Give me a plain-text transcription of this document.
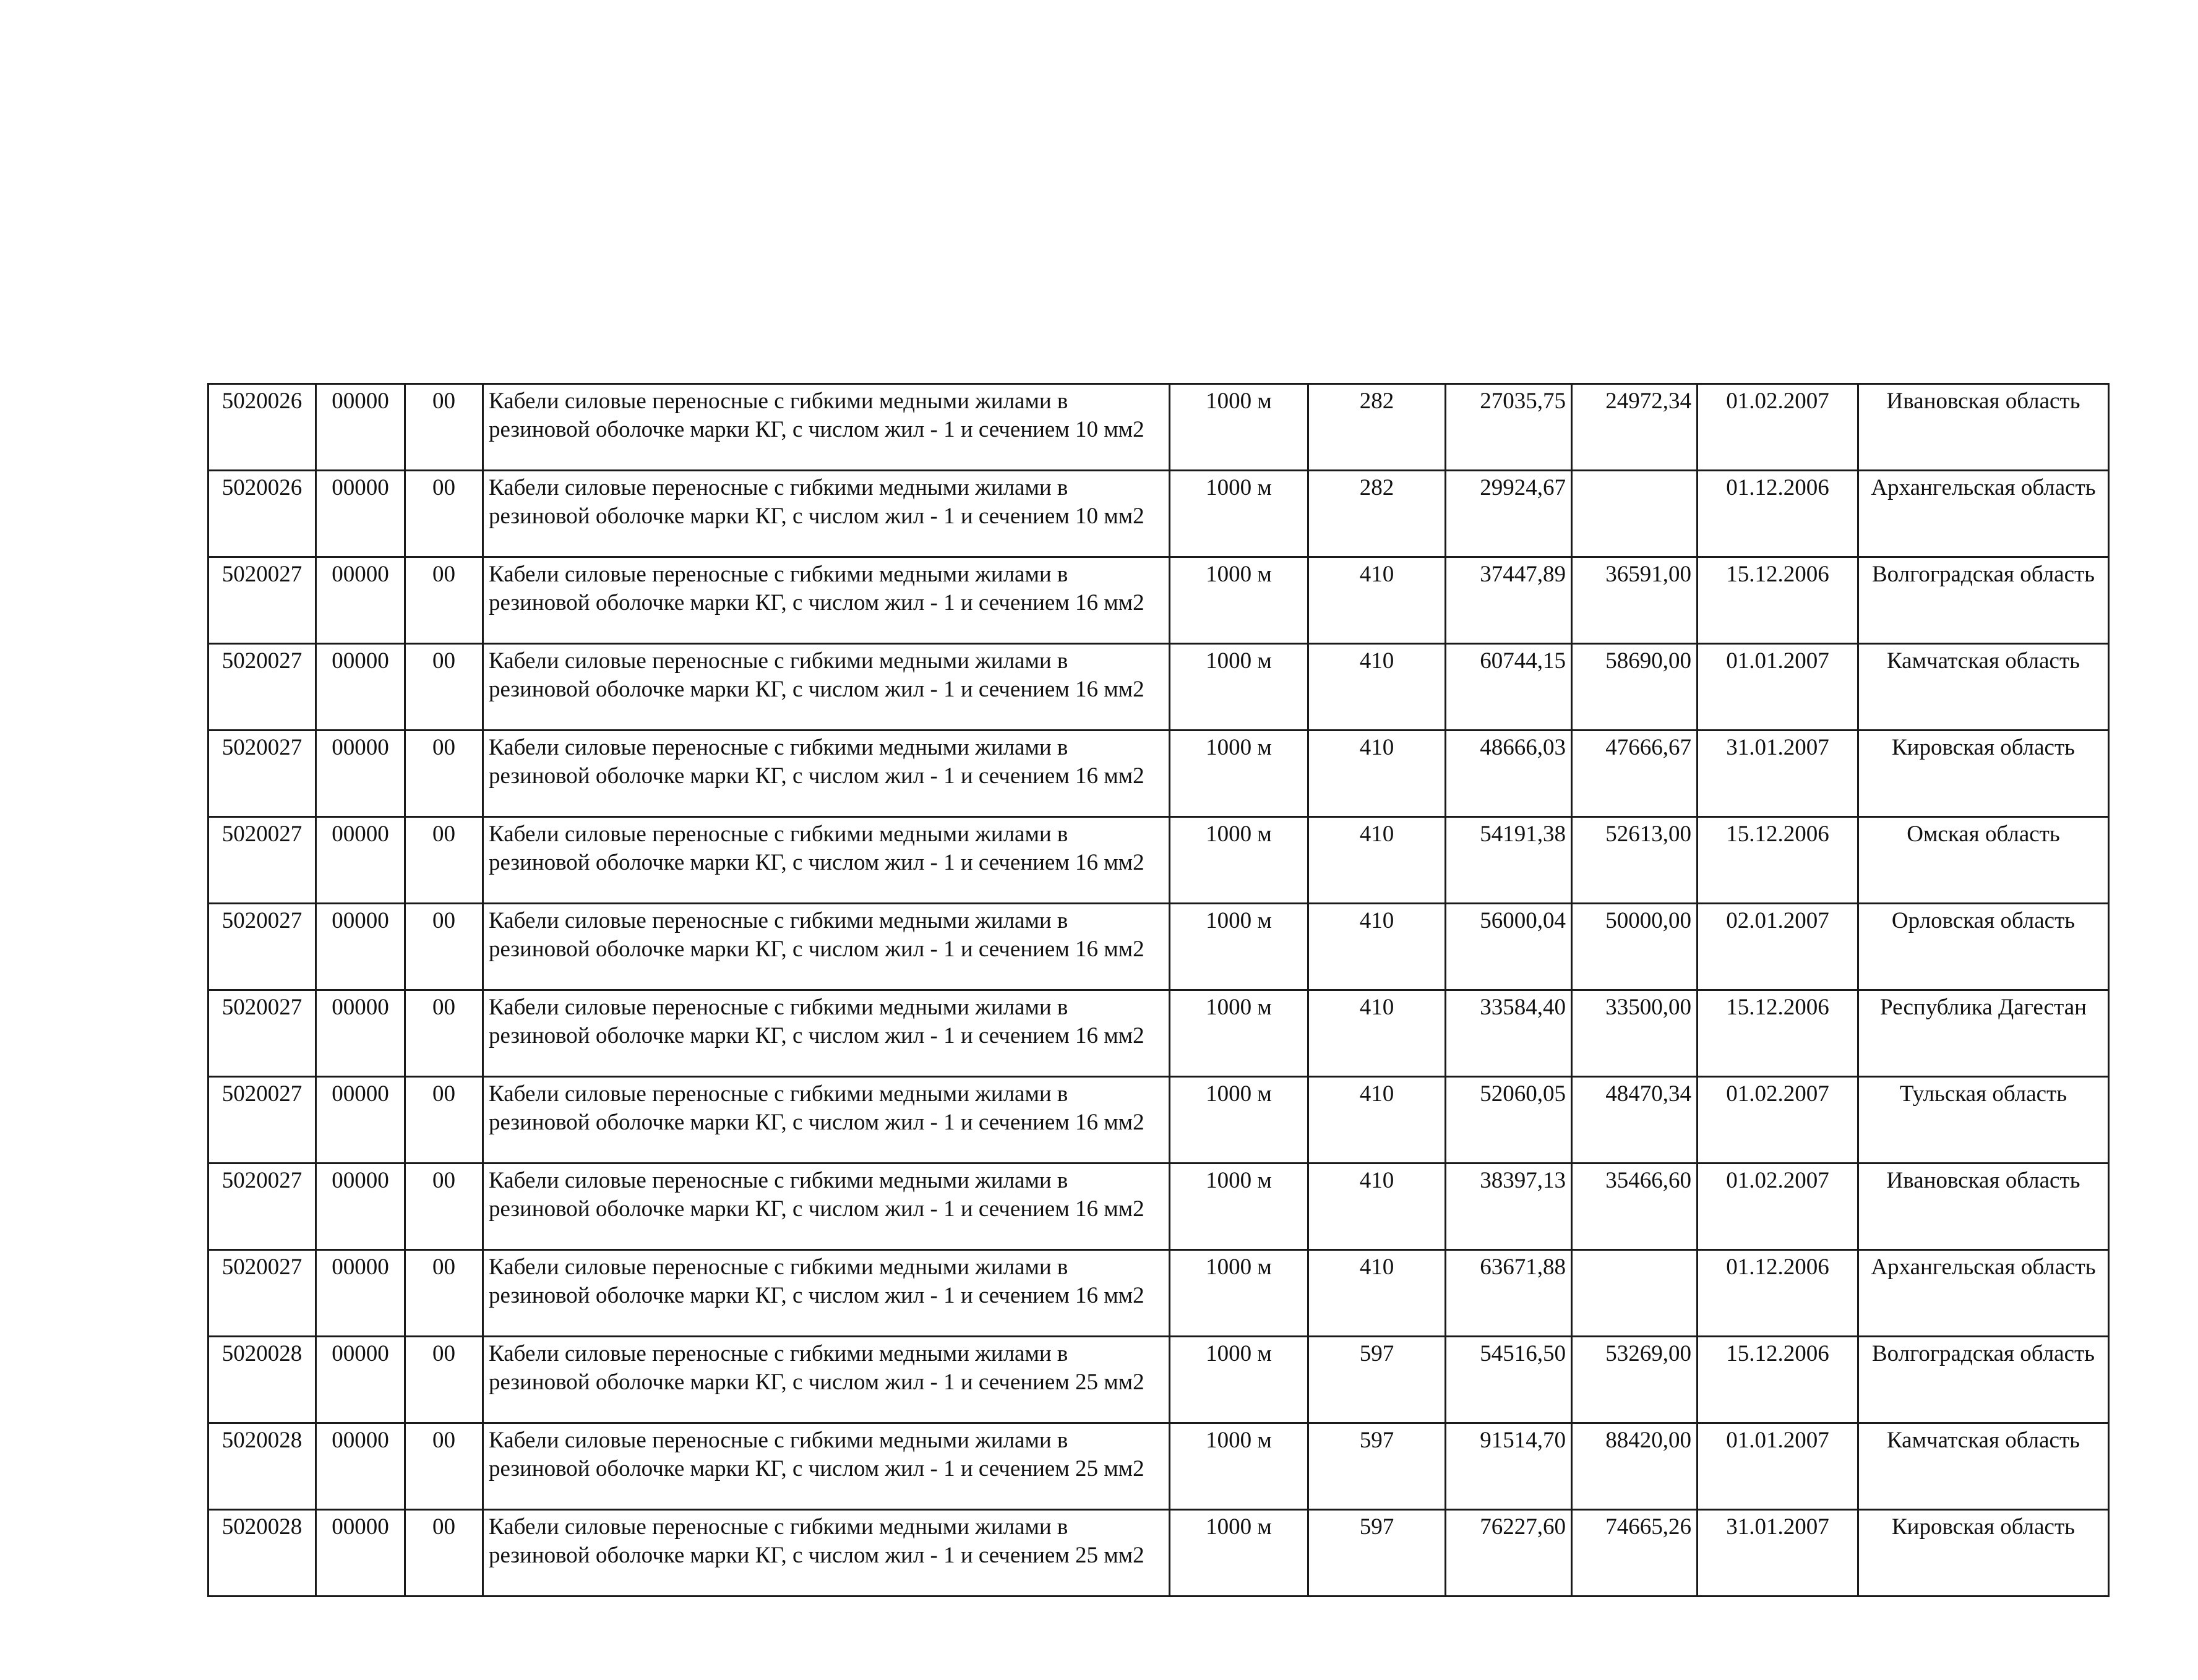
5020026	00000	00	Кабели силовые переносные с гибкими медными жилами в резиновой оболочке марки КГ, с числом жил - 1 и сечением 10 мм2	1000 м	282	27035,75	24972,34	01.02.2007	Ивановская область
5020026	00000	00	Кабели силовые переносные с гибкими медными жилами в резиновой оболочке марки КГ, с числом жил - 1 и сечением 10 мм2	1000 м	282	29924,67		01.12.2006	Архангельская область
5020027	00000	00	Кабели силовые переносные с гибкими медными жилами в резиновой оболочке марки КГ, с числом жил - 1 и сечением 16 мм2	1000 м	410	37447,89	36591,00	15.12.2006	Волгоградская область
5020027	00000	00	Кабели силовые переносные с гибкими медными жилами в резиновой оболочке марки КГ, с числом жил - 1 и сечением 16 мм2	1000 м	410	60744,15	58690,00	01.01.2007	Камчатская область
5020027	00000	00	Кабели силовые переносные с гибкими медными жилами в резиновой оболочке марки КГ, с числом жил - 1 и сечением 16 мм2	1000 м	410	48666,03	47666,67	31.01.2007	Кировская область
5020027	00000	00	Кабели силовые переносные с гибкими медными жилами в резиновой оболочке марки КГ, с числом жил - 1 и сечением 16 мм2	1000 м	410	54191,38	52613,00	15.12.2006	Омская область
5020027	00000	00	Кабели силовые переносные с гибкими медными жилами в резиновой оболочке марки КГ, с числом жил - 1 и сечением 16 мм2	1000 м	410	56000,04	50000,00	02.01.2007	Орловская область
5020027	00000	00	Кабели силовые переносные с гибкими медными жилами в резиновой оболочке марки КГ, с числом жил - 1 и сечением 16 мм2	1000 м	410	33584,40	33500,00	15.12.2006	Республика Дагестан
5020027	00000	00	Кабели силовые переносные с гибкими медными жилами в резиновой оболочке марки КГ, с числом жил - 1 и сечением 16 мм2	1000 м	410	52060,05	48470,34	01.02.2007	Тульская область
5020027	00000	00	Кабели силовые переносные с гибкими медными жилами в резиновой оболочке марки КГ, с числом жил - 1 и сечением 16 мм2	1000 м	410	38397,13	35466,60	01.02.2007	Ивановская область
5020027	00000	00	Кабели силовые переносные с гибкими медными жилами в резиновой оболочке марки КГ, с числом жил - 1 и сечением 16 мм2	1000 м	410	63671,88		01.12.2006	Архангельская область
5020028	00000	00	Кабели силовые переносные с гибкими медными жилами в резиновой оболочке марки КГ, с числом жил - 1 и сечением 25 мм2	1000 м	597	54516,50	53269,00	15.12.2006	Волгоградская область
5020028	00000	00	Кабели силовые переносные с гибкими медными жилами в резиновой оболочке марки КГ, с числом жил - 1 и сечением 25 мм2	1000 м	597	91514,70	88420,00	01.01.2007	Камчатская область
5020028	00000	00	Кабели силовые переносные с гибкими медными жилами в резиновой оболочке марки КГ, с числом жил - 1 и сечением 25 мм2	1000 м	597	76227,60	74665,26	31.01.2007	Кировская область
